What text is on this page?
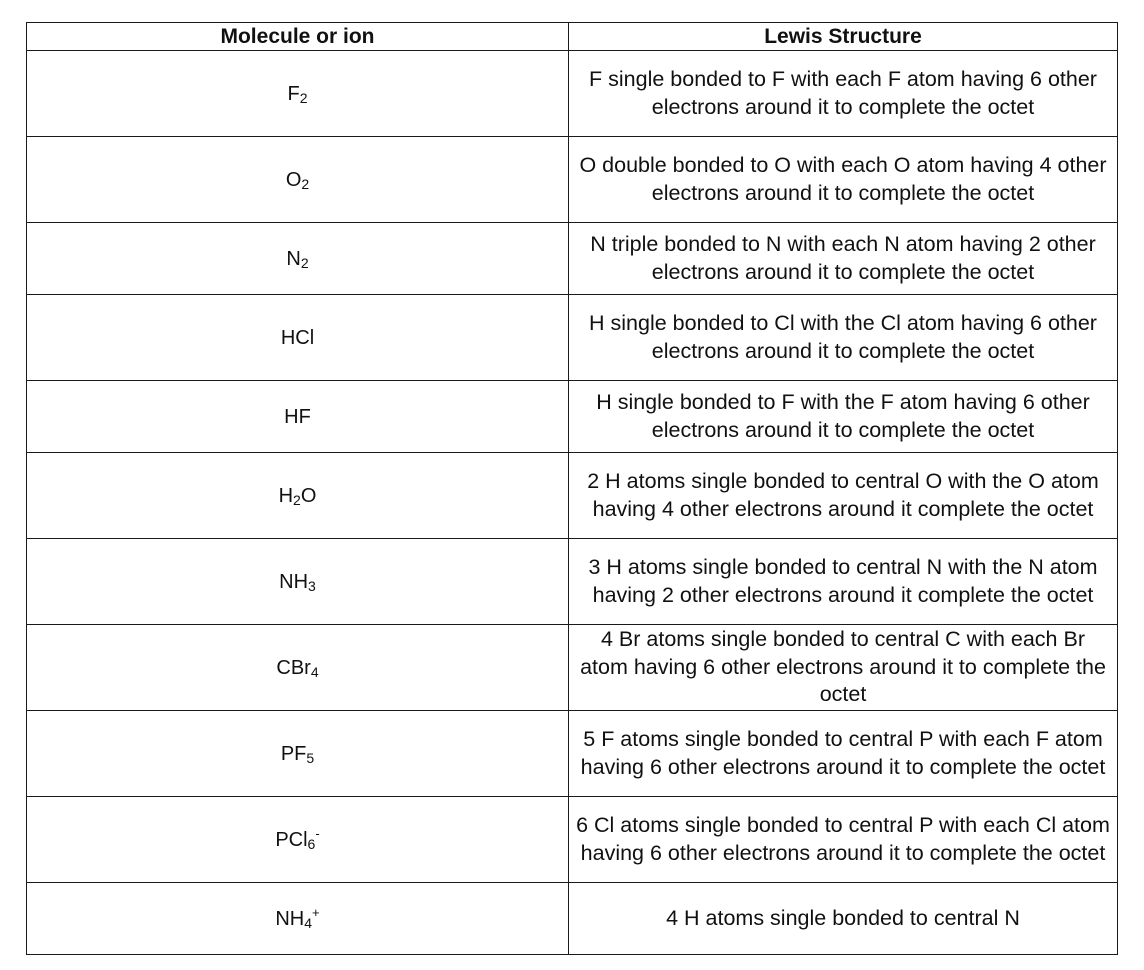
Molecule or ion	Lewis Structure
$F_2$	F single bonded to F with each F atom having 6 other electrons around it to complete the octet
$O_2$	O double bonded to O with each O atom having 4 other electrons around it to complete the octet
$N_2$	N triple bonded to N with each N atom having 2 other electrons around it to complete the octet
HCl	H single bonded to Cl with the Cl atom having 6 other electrons around it to complete the octet
HF	H single bonded to F with the F atom having 6 other electrons around it to complete the octet
$H_2O$	2 H atoms single bonded to central O with the O atom having 4 other electrons around it complete the octet
$NH_3$	3 H atoms single bonded to central N with the N atom having 2 other electrons around it complete the octet
CBr$_4$	4 Br atoms single bonded to central C with each Br atom having 6 other electrons around it to complete the octet
$PF_5$	5 F atoms single bonded to central P with each F atom having 6 other electrons around it to complete the octet
PCl$_6$-	6 Cl atoms single bonded to central P with each Cl atom having 6 other electrons around it to complete the octet
$NH_4^+$	4 H atoms single bonded to central N
